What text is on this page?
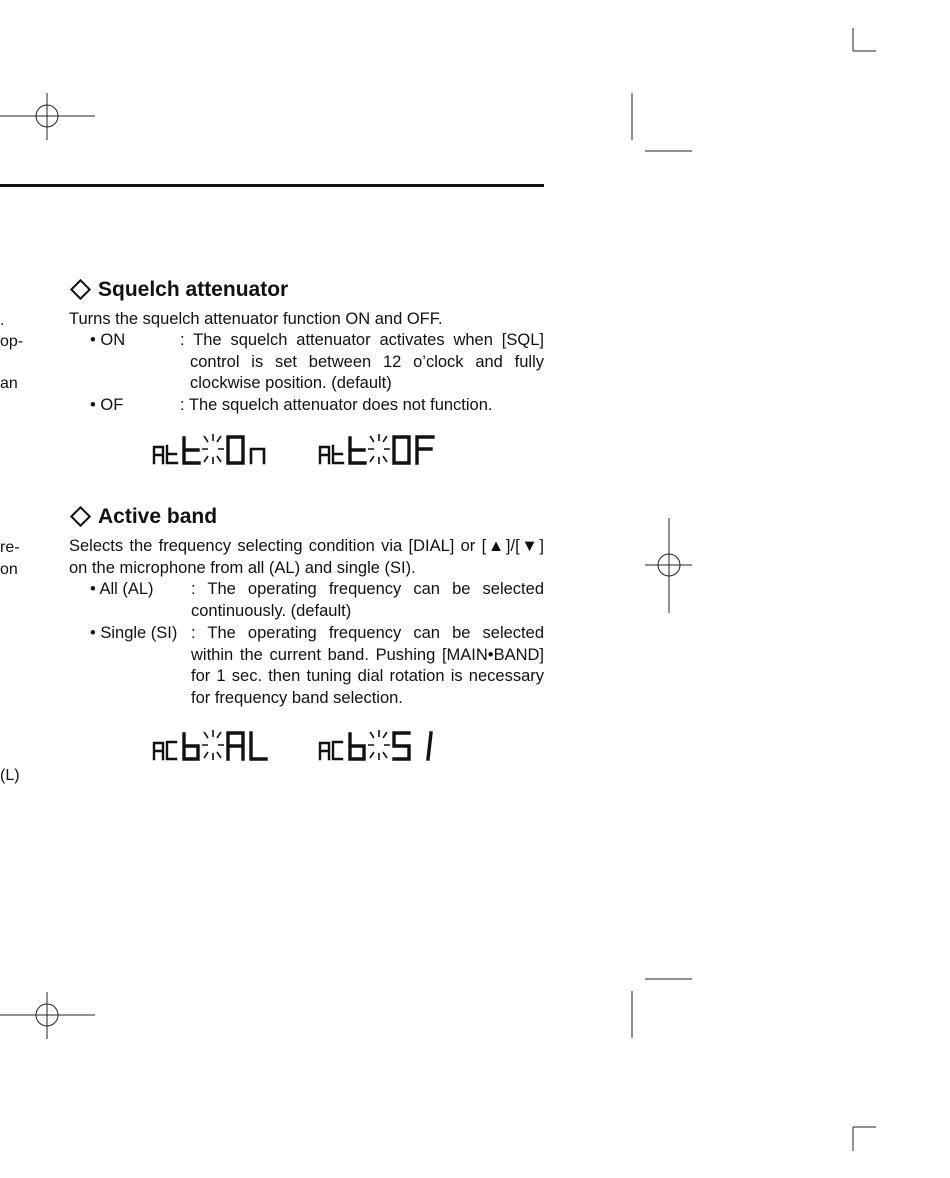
.
op-
an
re-
on
(L)
Squelch attenuator
Turns the squelch attenuator function ON and OFF.
• ON	: The squelch attenuator activates when [SQL] control is set between 12 o’clock and fully clockwise position. (default)
• OF	: The squelch attenuator does not function.
Active band
Selects the frequency selecting condition via [DIAL] or [▲]/[▼] on the microphone from all (AL) and single (SI).
• All (AL) : The operating frequency can be selected continuously. (default)
• Single (SI) : The operating frequency can be selected within the current band. Pushing [MAIN•BAND] for 1 sec. then tuning dial rotation is necessary for frequency band selection.
